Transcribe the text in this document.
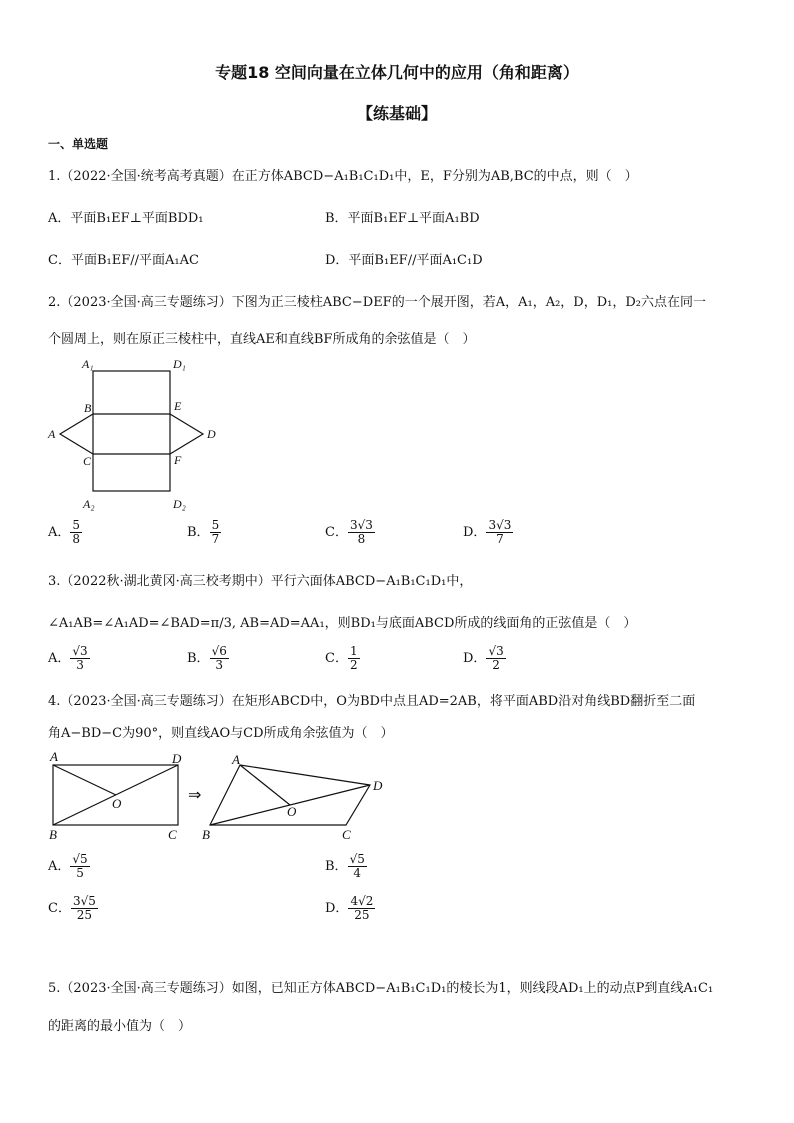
专题18 空间向量在立体几何中的应用（角和距离）
【练基础】
一、单选题
1.（2022·全国·统考高考真题）在正方体ABCD−A₁B₁C₁D₁中，E，F分别为AB,BC的中点，则（　）
A．平面B₁EF⊥平面BDD₁	B．平面B₁EF⊥平面A₁BD
C．平面B₁EF//平面A₁AC	D．平面B₁EF//平面A₁C₁D
2.（2023·全国·高三专题练习）下图为正三棱柱ABC−DEF的一个展开图，若A，A₁，A₂，D，D₁，D₂六点在同一
个圆周上，则在原正三棱柱中，直线AE和直线BF所成角的余弦值是（　）
A₁	D₁
B	E
A	D
C	F
A₂	D₂
A． $\frac{5}{8}$	B． $\frac{5}{7}$	C． $\frac{3√3}{8}$	D． $\frac{3√3}{7}$
3.（2022秋·湖北黄冈·高三校考期中）平行六面体ABCD−A₁B₁C₁D₁中，
∠A₁AB=∠A₁AD=∠BAD=π/3, AB=AD=AA₁，则BD₁与底面ABCD所成的线面角的正弦值是（　）
A． $\frac{√3}{3}$	B． $\frac{√6}{3}$	C． $\frac{1}{2}$	D． $\frac{√3}{2}$
4.（2023·全国·高三专题练习）在矩形ABCD中，O为BD中点且AD=2AB，将平面ABD沿对角线BD翻折至二面
角A−BD−C为90°，则直线AO与CD所成角余弦值为（　）
A	D
O
B	C
A
D
O
B	C
⇒
A． $\frac{√5}{5}$	B． $\frac{√5}{4}$
C． $\frac{3√5}{25}$	D． $\frac{4√2}{25}$
5.（2023·全国·高三专题练习）如图，已知正方体ABCD−A₁B₁C₁D₁的棱长为1，则线段AD₁上的动点P到直线A₁C₁
的距离的最小值为（　）
